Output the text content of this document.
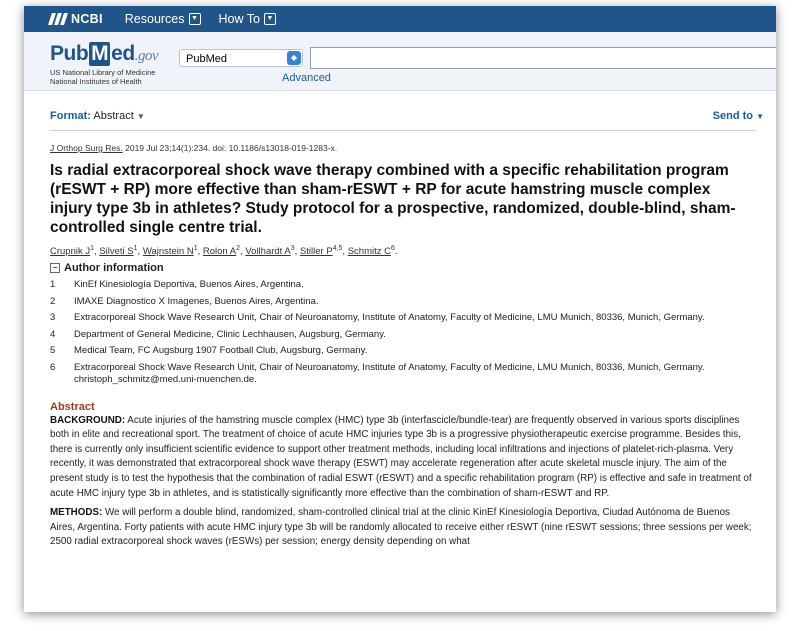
NCBI Resources ▼ How To ▼
Pub M ed.gov
US National Library of Medicine
National Institutes of Health
PubMed	◆
Advanced
Format: Abstract ▼	Send to ▼
J Orthop Surg Res. 2019 Jul 23;14(1):234. doi: 10.1186/s13018-019-1283-x.
Is radial extracorporeal shock wave therapy combined with a specific rehabilitation program (rESWT + RP) more effective than sham-rESWT + RP for acute hamstring muscle complex injury type 3b in athletes? Study protocol for a prospective, randomized, double-blind, sham-controlled single centre trial.
Crupnik $J^1$, Silveti $S^1$, Wajnstein $N^1$, Rolon $A^2$, Vollhardt $A^3$, Stiller P$^{4,5}$, Schmitz $C^6$.
− Author information
1	KinEf Kinesiología Deportiva, Buenos Aires, Argentina.
2	IMAXE Diagnostico X Imagenes, Buenos Aires, Argentina.
3	Extracorporeal Shock Wave Research Unit, Chair of Neuroanatomy, Institute of Anatomy, Faculty of Medicine, LMU Munich, 80336, Munich, Germany.
4	Department of General Medicine, Clinic Lechhausen, Augsburg, Germany.
5	Medical Team, FC Augsburg 1907 Football Club, Augsburg, Germany.
6	Extracorporeal Shock Wave Research Unit, Chair of Neuroanatomy, Institute of Anatomy, Faculty of Medicine, LMU Munich, 80336, Munich, Germany. christoph_schmitz@med.uni-muenchen.de.
Abstract
BACKGROUND: Acute injuries of the hamstring muscle complex (HMC) type 3b (interfascicle/bundle-tear) are frequently observed in various sports disciplines both in elite and recreational sport. The treatment of choice of acute HMC injuries type 3b is a progressive physiotherapeutic exercise programme. Besides this, there is currently only insufficient scientific evidence to support other treatment methods, including local infiltrations and injections of platelet-rich-plasma. Very recently, it was demonstrated that extracorporeal shock wave therapy (ESWT) may accelerate regeneration after acute skeletal muscle injury. The aim of the present study is to test the hypothesis that the combination of radial ESWT (rESWT) and a specific rehabilitation program (RP) is effective and safe in treatment of acute HMC injury type 3b in athletes, and is statistically significantly more effective than the combination of sham-rESWT and RP.
METHODS: We will perform a double blind, randomized, sham-controlled clinical trial at the clinic KinEf Kinesiología Deportiva, Ciudad Autónoma de Buenos Aires, Argentina. Forty patients with acute HMC injury type 3b will be randomly allocated to receive either rESWT (nine rESWT sessions; three sessions per week; 2500 radial extracorporeal shock waves (rESWs) per session; energy density depending on what
